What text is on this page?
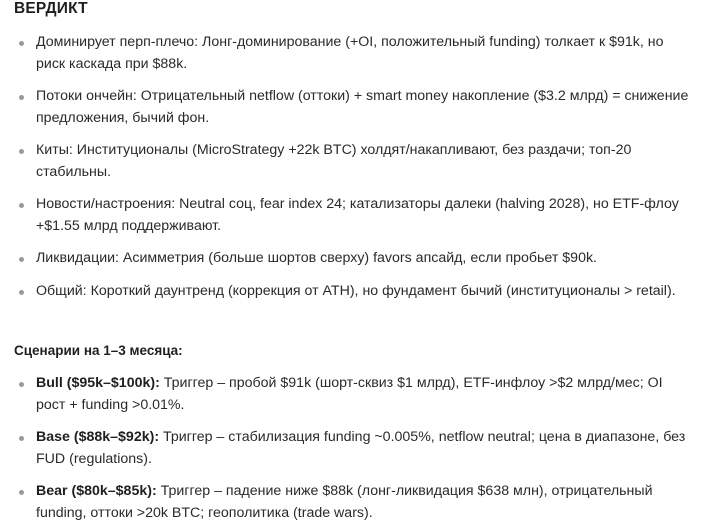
ВЕРДИКТ
Доминирует перп-плечо: Лонг-доминирование (+OI, положительный funding) толкает к $91k, но риск каскада при $88k.
Потоки ончейн: Отрицательный netflow (оттоки) + smart money накопление ($3.2 млрд) = снижение предложения, бычий фон.
Киты: Институционалы (MicroStrategy +22k BTC) холдят/накапливают, без раздачи; топ-20 стабильны.
Новости/настроения: Neutral соц, fear index 24; катализаторы далеки (halving 2028), но ETF-флоу +$1.55 млрд поддерживают.
Ликвидации: Асимметрия (больше шортов сверху) favors апсайд, если пробьет $90k.
Общий: Короткий даунтренд (коррекция от ATH), но фундамент бычий (институционалы > retail).
Сценарии на 1–3 месяца:
Bull ($95k–$100k): Триггер – пробой $91k (шорт-сквиз $1 млрд), ETF-инфлоу >$2 млрд/мес; OI рост + funding >0.01%.
Base ($88k–$92k): Триггер – стабилизация funding ~0.005%, netflow neutral; цена в диапазоне, без FUD (regulations).
Bear ($80k–$85k): Триггер – падение ниже $88k (лонг-ликвидация $638 млн), отрицательный funding, оттоки >20k BTC; геополитика (trade wars).
